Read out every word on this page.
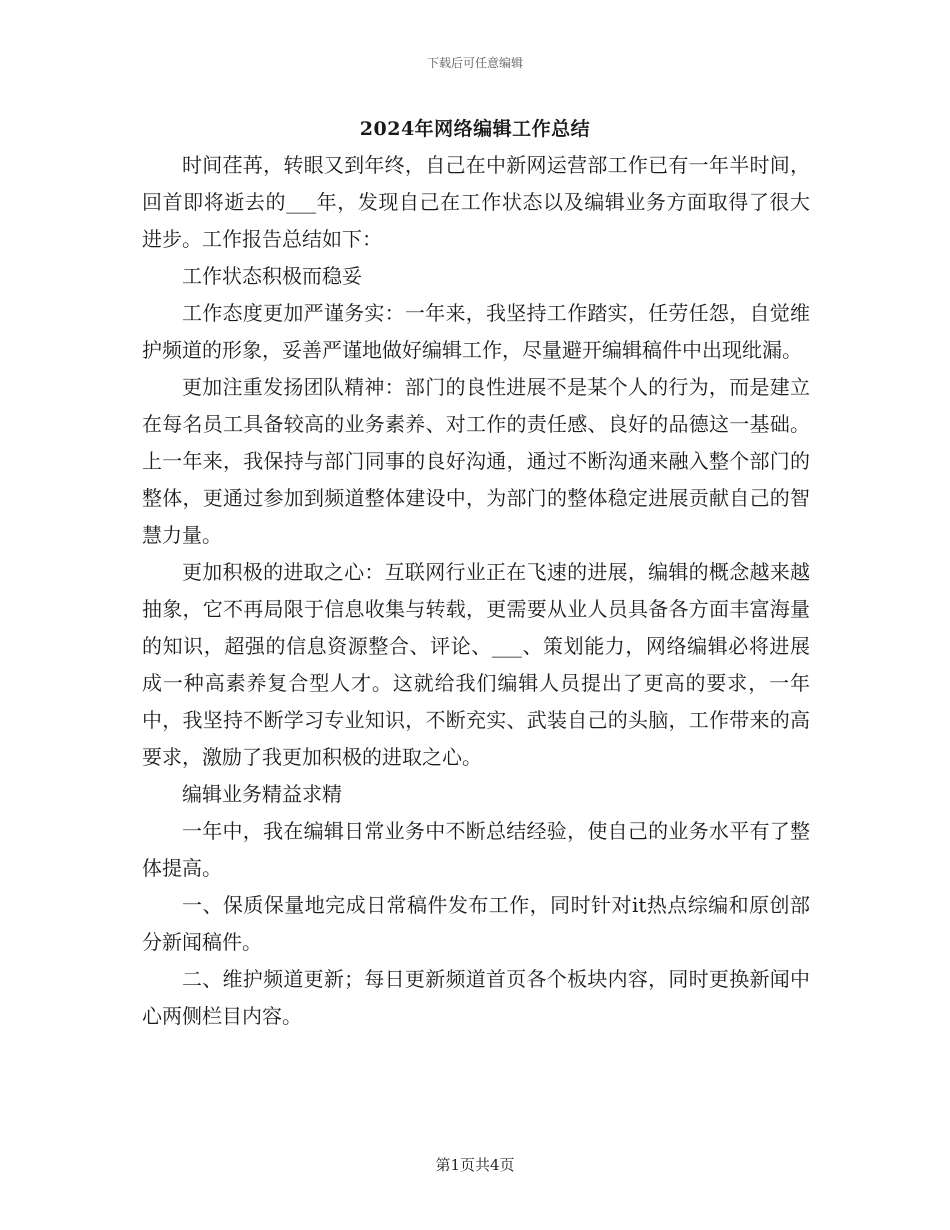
下载后可任意编辑
2024年网络编辑工作总结

时间荏苒，转眼又到年终，自己在中新网运营部工作已有一年半时间，回首即将逝去的___年，发现自己在工作状态以及编辑业务方面取得了很大进步。工作报告总结如下：

工作状态积极而稳妥

工作态度更加严谨务实：一年来，我坚持工作踏实，任劳任怨，自觉维护频道的形象，妥善严谨地做好编辑工作，尽量避开编辑稿件中出现纰漏。

更加注重发扬团队精神：部门的良性进展不是某个人的行为，而是建立在每名员工具备较高的业务素养、对工作的责任感、良好的品德这一基础。上一年来，我保持与部门同事的良好沟通，通过不断沟通来融入整个部门的整体，更通过参加到频道整体建设中，为部门的整体稳定进展贡献自己的智慧力量。

更加积极的进取之心：互联网行业正在飞速的进展，编辑的概念越来越抽象，它不再局限于信息收集与转载，更需要从业人员具备各方面丰富海量的知识，超强的信息资源整合、评论、___、策划能力，网络编辑必将进展成一种高素养复合型人才。这就给我们编辑人员提出了更高的要求，一年中，我坚持不断学习专业知识，不断充实、武装自己的头脑，工作带来的高要求，激励了我更加积极的进取之心。

编辑业务精益求精

一年中，我在编辑日常业务中不断总结经验，使自己的业务水平有了整体提高。

一、保质保量地完成日常稿件发布工作，同时针对it热点综编和原创部分新闻稿件。

二、维护频道更新；每日更新频道首页各个板块内容，同时更换新闻中心两侧栏目内容。

第1页共4页
